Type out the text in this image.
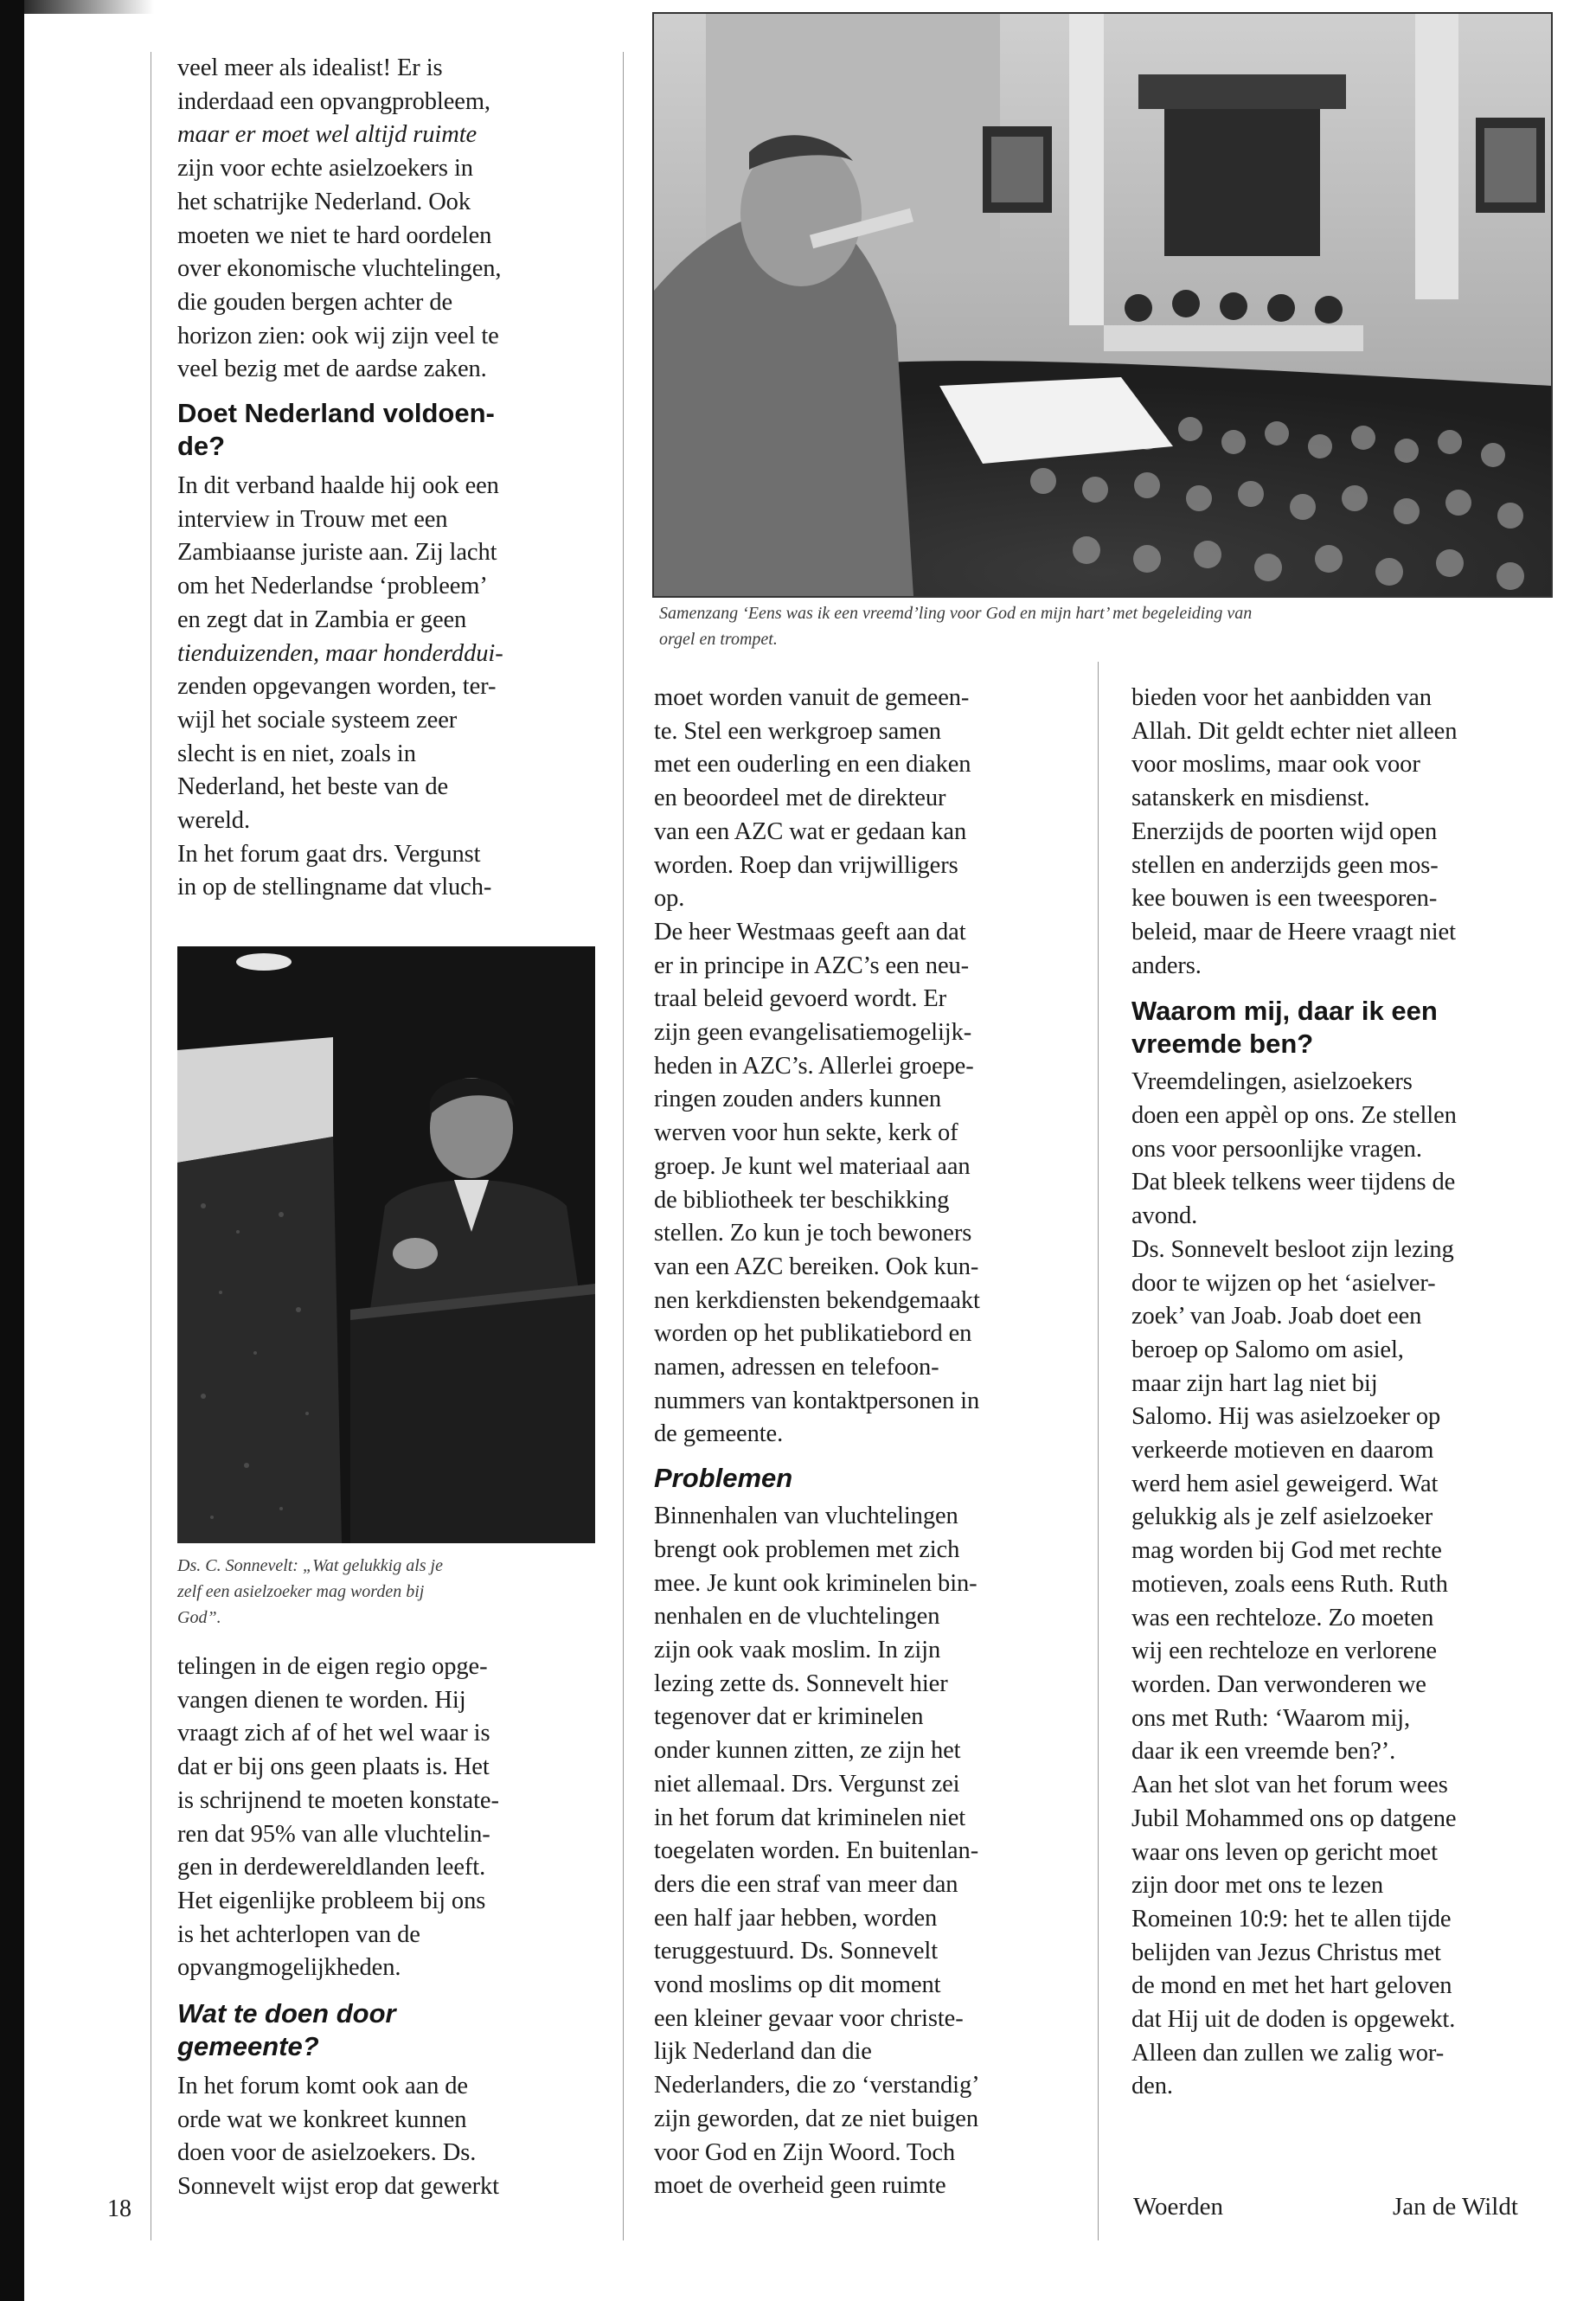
Samenzang ‘Eens was ik een vreemd’ling voor God en mijn hart’ met begeleiding van
orgel en trompet.
Ds. C. Sonnevelt: „Wat gelukkig als je
zelf een asielzoeker mag worden bij
God”.
veel meer als idealist! Er is
inderdaad een opvangprobleem,
maar er moet wel altijd ruimte
zijn voor echte asielzoekers in
het schatrijke Nederland. Ook
moeten we niet te hard oordelen
over ekonomische vluchtelingen,
die gouden bergen achter de
horizon zien: ook wij zijn veel te
veel bezig met de aardse zaken.
Doet Nederland voldoen-
de?
In dit verband haalde hij ook een
interview in Trouw met een
Zambiaanse juriste aan. Zij lacht
om het Nederlandse ‘probleem’
en zegt dat in Zambia er geen
tienduizenden, maar honderddui-
zenden opgevangen worden, ter-
wijl het sociale systeem zeer
slecht is en niet, zoals in
Nederland, het beste van de
wereld.
In het forum gaat drs. Vergunst
in op de stellingname dat vluch-
telingen in de eigen regio opge-
vangen dienen te worden. Hij
vraagt zich af of het wel waar is
dat er bij ons geen plaats is. Het
is schrijnend te moeten konstate-
ren dat 95% van alle vluchtelin-
gen in derdewereldlanden leeft.
Het eigenlijke probleem bij ons
is het achterlopen van de
opvangmogelijkheden.
Wat te doen door
gemeente?
In het forum komt ook aan de
orde wat we konkreet kunnen
doen voor de asielzoekers. Ds.
Sonnevelt wijst erop dat gewerkt
moet worden vanuit de gemeen-
te. Stel een werkgroep samen
met een ouderling en een diaken
en beoordeel met de direkteur
van een AZC wat er gedaan kan
worden. Roep dan vrijwilligers
op.
De heer Westmaas geeft aan dat
er in principe in AZC’s een neu-
traal beleid gevoerd wordt. Er
zijn geen evangelisatiemogelijk-
heden in AZC’s. Allerlei groepe-
ringen zouden anders kunnen
werven voor hun sekte, kerk of
groep. Je kunt wel materiaal aan
de bibliotheek ter beschikking
stellen. Zo kun je toch bewoners
van een AZC bereiken. Ook kun-
nen kerkdiensten bekendgemaakt
worden op het publikatiebord en
namen, adressen en telefoon-
nummers van kontaktpersonen in
de gemeente.
Problemen
Binnenhalen van vluchtelingen
brengt ook problemen met zich
mee. Je kunt ook kriminelen bin-
nenhalen en de vluchtelingen
zijn ook vaak moslim. In zijn
lezing zette ds. Sonnevelt hier
tegenover dat er kriminelen
onder kunnen zitten, ze zijn het
niet allemaal. Drs. Vergunst zei
in het forum dat kriminelen niet
toegelaten worden. En buitenlan-
ders die een straf van meer dan
een half jaar hebben, worden
teruggestuurd. Ds. Sonnevelt
vond moslims op dit moment
een kleiner gevaar voor christe-
lijk Nederland dan die
Nederlanders, die zo ‘verstandig’
zijn geworden, dat ze niet buigen
voor God en Zijn Woord. Toch
moet de overheid geen ruimte
bieden voor het aanbidden van
Allah. Dit geldt echter niet alleen
voor moslims, maar ook voor
satanskerk en misdienst.
Enerzijds de poorten wijd open
stellen en anderzijds geen mos-
kee bouwen is een tweesporen-
beleid, maar de Heere vraagt niet
anders.
Waarom mij, daar ik een
vreemde ben?
Vreemdelingen, asielzoekers
doen een appèl op ons. Ze stellen
ons voor persoonlijke vragen.
Dat bleek telkens weer tijdens de
avond.
Ds. Sonnevelt besloot zijn lezing
door te wijzen op het ‘asielver-
zoek’ van Joab. Joab doet een
beroep op Salomo om asiel,
maar zijn hart lag niet bij
Salomo. Hij was asielzoeker op
verkeerde motieven en daarom
werd hem asiel geweigerd. Wat
gelukkig als je zelf asielzoeker
mag worden bij God met rechte
motieven, zoals eens Ruth. Ruth
was een rechteloze. Zo moeten
wij een rechteloze en verlorene
worden. Dan verwonderen we
ons met Ruth: ‘Waarom mij,
daar ik een vreemde ben?’.
Aan het slot van het forum wees
Jubil Mohammed ons op datgene
waar ons leven op gericht moet
zijn door met ons te lezen
Romeinen 10:9: het te allen tijde
belijden van Jezus Christus met
de mond en met het hart geloven
dat Hij uit de doden is opgewekt.
Alleen dan zullen we zalig wor-
den.
18	Woerden	Jan de Wildt
